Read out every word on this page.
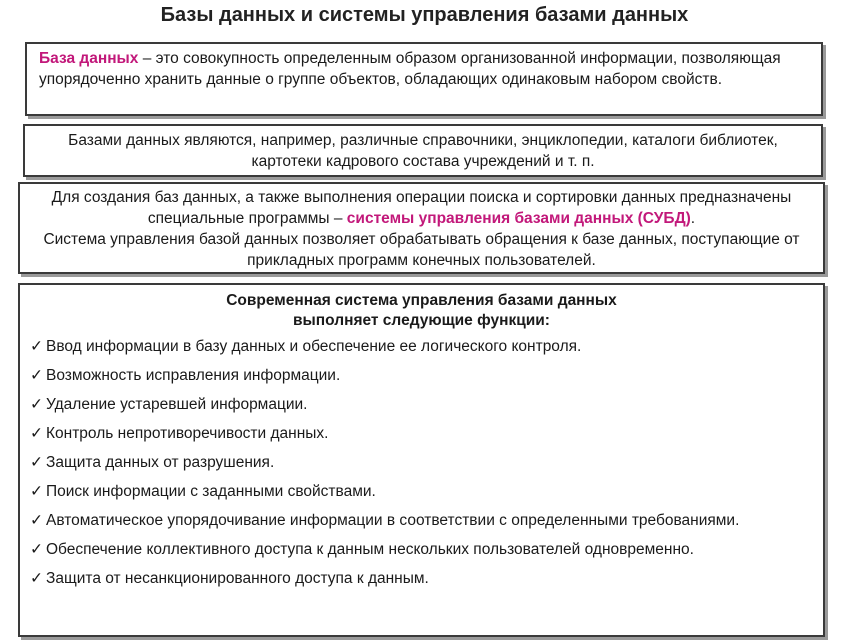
Базы данных и системы управления базами данных
База данных – это совокупность определенным образом организованной информации, позволяющая упорядоченно хранить данные о группе объектов, обладающих одинаковым набором свойств.
Базами данных являются, например, различные справочники, энциклопедии, каталоги библиотек, картотеки кадрового состава учреждений и т. п.
Для создания баз данных, а также выполнения операции поиска и сортировки данных предназначены специальные программы – системы управления базами данных (СУБД).
Система управления базой данных позволяет обрабатывать обращения к базе данных, поступающие от прикладных программ конечных пользователей.
Современная система управления базами данных
выполняет следующие функции:
✓ Ввод информации в базу данных и обеспечение ее логического контроля.
✓ Возможность исправления информации.
✓ Удаление устаревшей информации.
✓ Контроль непротиворечивости данных.
✓ Защита данных от разрушения.
✓ Поиск информации с заданными свойствами.
✓ Автоматическое упорядочивание информации в соответствии с определенными требованиями.
✓ Обеспечение коллективного доступа к данным нескольких пользователей одновременно.
✓ Защита от несанкционированного доступа к данным.
